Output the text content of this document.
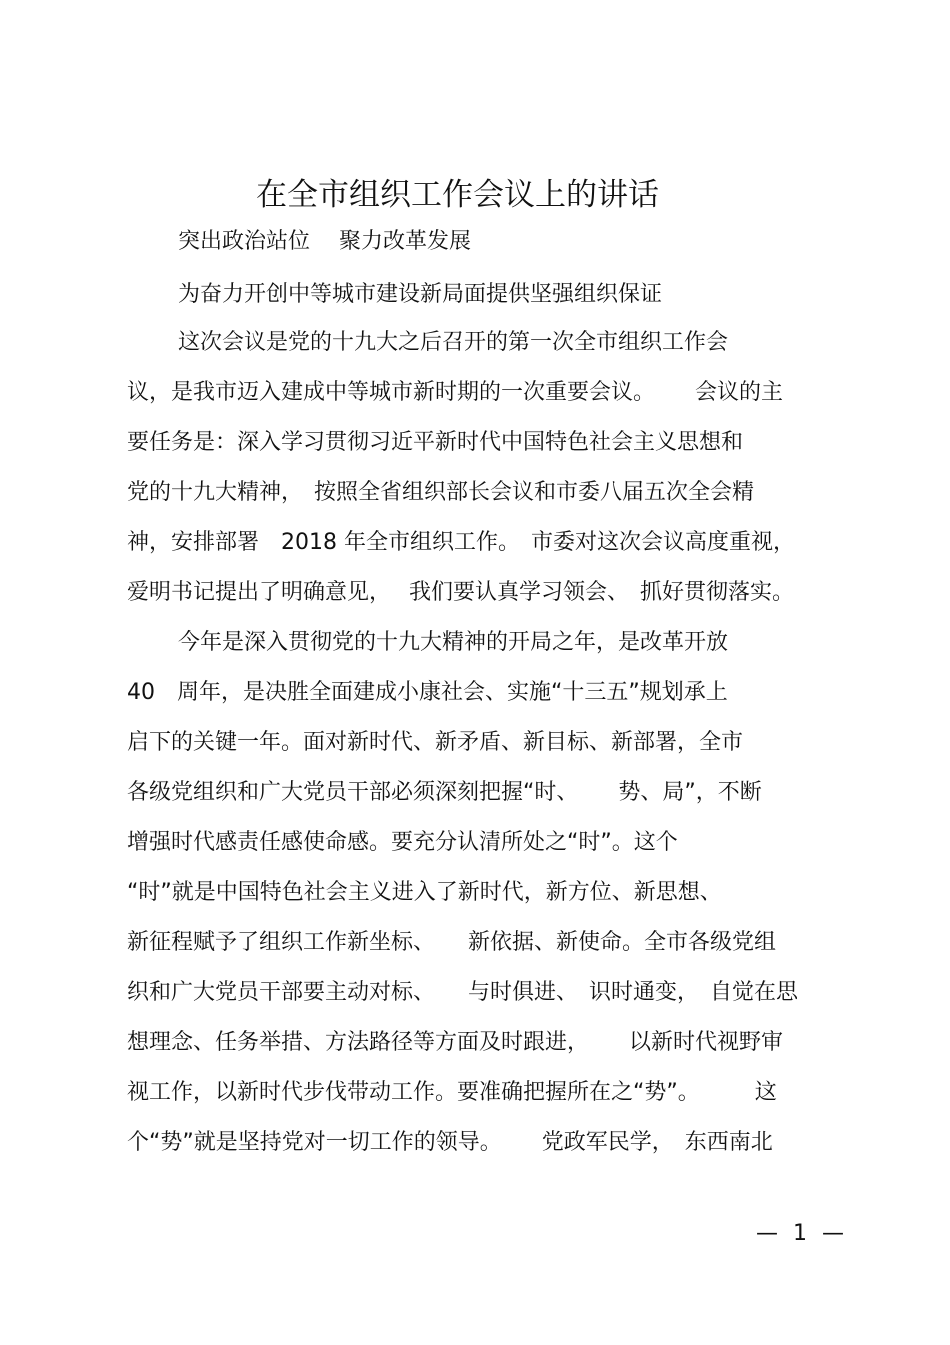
在全市组织工作会议上的讲话
突出政治站位　 聚力改革发展
为奋力开创中等城市建设新局面提供坚强组织保证
这次会议是党的十九大之后召开的第一次全市组织工作会
议，是我市迈入建成中等城市新时期的一次重要会议。　　 会议的主
要任务是：深入学习贯彻习近平新时代中国特色社会主义思想和
党的十九大精神，　按照全省组织部长会议和市委八届五次全会精
神，安排部署　2018 年全市组织工作。　市委对这次会议高度重视，
爱明书记提出了明确意见，　 我们要认真学习领会、　抓好贯彻落实。
今年是深入贯彻党的十九大精神的开局之年，是改革开放
40　周年，是决胜全面建成小康社会、实施“十三五”规划承上
启下的关键一年。面对新时代、新矛盾、新目标、新部署，全市
各级党组织和广大党员干部必须深刻把握“时、　　 势、局”，不断
增强时代感责任感使命感。要充分认清所处之“时”。这个
“时”就是中国特色社会主义进入了新时代，新方位、新思想、
新征程赋予了组织工作新坐标、　　新依据、新使命。全市各级党组
织和广大党员干部要主动对标、　　与时俱进、　识时通变，　自觉在思
想理念、任务举措、方法路径等方面及时跟进，　　 以新时代视野审
视工作，以新时代步伐带动工作。要准确把握所在之“势”。　　　这
个“势”就是坚持党对一切工作的领导。　　 党政军民学，　东西南北
— 1 —
